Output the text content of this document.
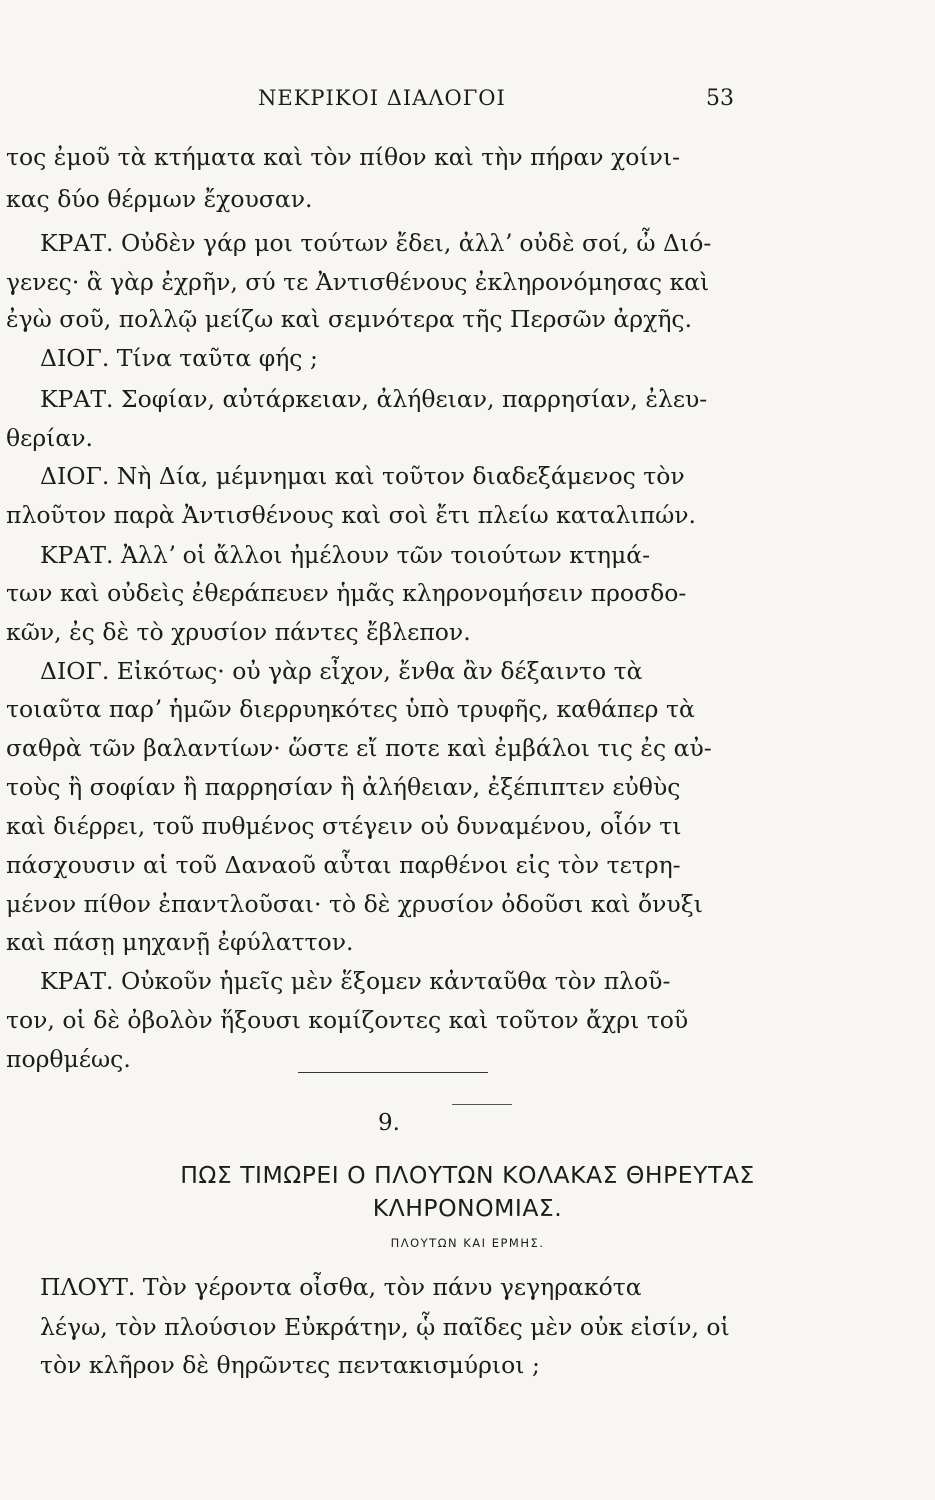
ΝΕΚΡΙΚΟΙ ΔΙΑΛΟΓΟΙ	53
τος ἐμοῦ τὰ κτήματα καὶ τὸν πίθον καὶ τὴν πήραν χοίνι-
κας δύο θέρμων ἔχουσαν.
ΚΡΑΤ. Οὐδὲν γάρ μοι τούτων ἔδει, ἀλλʼ οὐδὲ σοί, ὦ Διό-
γενες· ἃ γὰρ ἐχρῆν, σύ τε Ἀντισθένους ἐκληρονόμησας καὶ
ἐγὼ σοῦ, πολλῷ μείζω καὶ σεμνότερα τῆς Περσῶν ἀρχῆς.
ΔΙΟΓ. Τίνα ταῦτα φής ;
ΚΡΑΤ. Σοφίαν, αὐτάρκειαν, ἀλήθειαν, παρρησίαν, ἐλευ-
θερίαν.
ΔΙΟΓ. Νὴ Δία, μέμνημαι καὶ τοῦτον διαδεξάμενος τὸν
πλοῦτον παρὰ Ἀντισθένους καὶ σοὶ ἔτι πλείω καταλιπών.
ΚΡΑΤ. Ἀλλʼ οἱ ἄλλοι ἠμέλουν τῶν τοιούτων κτημά-
των καὶ οὐδεὶς ἐθεράπευεν ἡμᾶς κληρονομήσειν προσδο-
κῶν, ἐς δὲ τὸ χρυσίον πάντες ἔβλεπον.
ΔΙΟΓ. Εἰκότως· οὐ γὰρ εἶχον, ἔνθα ἂν δέξαιντο τὰ
τοιαῦτα παρʼ ἡμῶν διερρυηκότες ὑπὸ τρυφῆς, καθάπερ τὰ
σαθρὰ τῶν βαλαντίων· ὥστε εἴ ποτε καὶ ἐμβάλοι τις ἐς αὐ-
τοὺς ἢ σοφίαν ἢ παρρησίαν ἢ ἀλήθειαν, ἐξέπιπτεν εὐθὺς
καὶ διέρρει, τοῦ πυθμένος στέγειν οὐ δυναμένου, οἷόν τι
πάσχουσιν αἱ τοῦ Δαναοῦ αὗται παρθένοι εἰς τὸν τετρη-
μένον πίθον ἐπαντλοῦσαι· τὸ δὲ χρυσίον ὀδοῦσι καὶ ὄνυξι
καὶ πάσῃ μηχανῇ ἐφύλαττον.
ΚΡΑΤ. Οὐκοῦν ἡμεῖς μὲν ἕξομεν κἀνταῦθα τὸν πλοῦ-
τον, οἱ δὲ ὀβολὸν ἥξουσι κομίζοντες καὶ τοῦτον ἄχρι τοῦ
πορθμέως.
9.
ΠΩΣ ΤΙΜΩΡΕΙ Ο ΠΛΟΥΤΩΝ ΚΟΛΑΚΑΣ ΘΗΡΕΥΤΑΣ
ΚΛΗΡΟΝΟΜΙΑΣ.
ΠΛΟΥΤΩΝ ΚΑΙ ΕΡΜΗΣ.
ΠΛΟΥΤ. Τὸν γέροντα οἶσθα, τὸν πάνυ γεγηρακότα
λέγω, τὸν πλούσιον Εὐκράτην, ᾧ παῖδες μὲν οὐκ εἰσίν, οἱ
τὸν κλῆρον δὲ θηρῶντες πεντακισμύριοι ;
